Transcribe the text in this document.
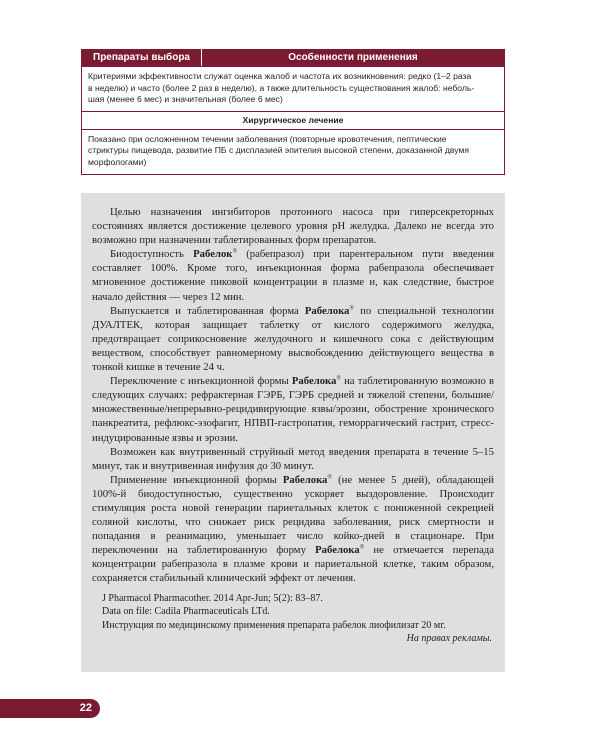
Препараты выбора	Особенности применения

Критериями эффективности служат оценка жалоб и частота их возникновения: редко (1–2 раза

в неделю) и часто (более 2 раз в неделю), а также длительность существования жалоб: неболь-

шая (менее 6 мес) и значительная (более 6 мес)

Хирургическое лечение

Показано при осложненном течении заболевания (повторные кровотечения, пептические

стриктуры пищевода, развитие ПБ с дисплазией эпителия высокой степени, доказанной двумя

морфологами)

Целью назначения ингибиторов протонного насоса при гиперсекреторных состояниях является достижение целевого уровня pH желудка. Далеко не всегда это возможно при назначении таблетированных форм препаратов.

Биодоступность Рабелок® (рабепразол) при парентеральном пути введения составляет 100%. Кроме того, инъекционная форма рабепразола обеспечивает мгновенное достижение пиковой концентрации в плазме и, как следствие, быстрое начало действия — через 12 мин.

Выпускается и таблетированная форма Рабелока® по специальной технологии ДУАЛТЕК, которая защищает таблетку от кислого содержимого желудка, предотвращает соприкосновение желудочного и кишечного сока с действующим веществом, способствует равномерному высвобождению действующего вещества в тонкой кишке в течение 24 ч.

Переключение с инъекционной формы Рабелока® на таблетированную возможно в следующих случаях: рефрактерная ГЭРБ, ГЭРБ средней и тяжелой степени, большие/множественные/непрерывно-рецидивирующие язвы/эрозии, обострение хронического панкреатита, рефлюкс-эзофагит, НПВП-гастропатия, геморрагический гастрит, стресс-индуцированные язвы и эрозии.

Возможен как внутривенный струйный метод введения препарата в течение 5–15 минут, так и внутривенная инфузия до 30 минут.

Применение инъекционной формы Рабелока® (не менее 5 дней), обладающей 100%-й биодоступностью, существенно ускоряет выздоровление. Происходит стимуляция роста новой генерации париетальных клеток с пониженной секрецией соляной кислоты, что снижает риск рецидива заболевания, риск смертности и попадания в реанимацию, уменьшает число койко-дней в стационаре. При переключении на таблетированную форму Рабелока® не отмечается перепада концентрации рабепразола в плазме крови и париетальной клетке, таким образом, сохраняется стабильный клинический эффект от лечения.

J Pharmacol Pharmacother. 2014 Apr-Jun; 5(2): 83–87.

Data on file: Cadila Pharmaceuticals LTd.

Инструкция по медицинскому применения препарата рабелок лиофилизат 20 мг.

На правах рекламы.

22
